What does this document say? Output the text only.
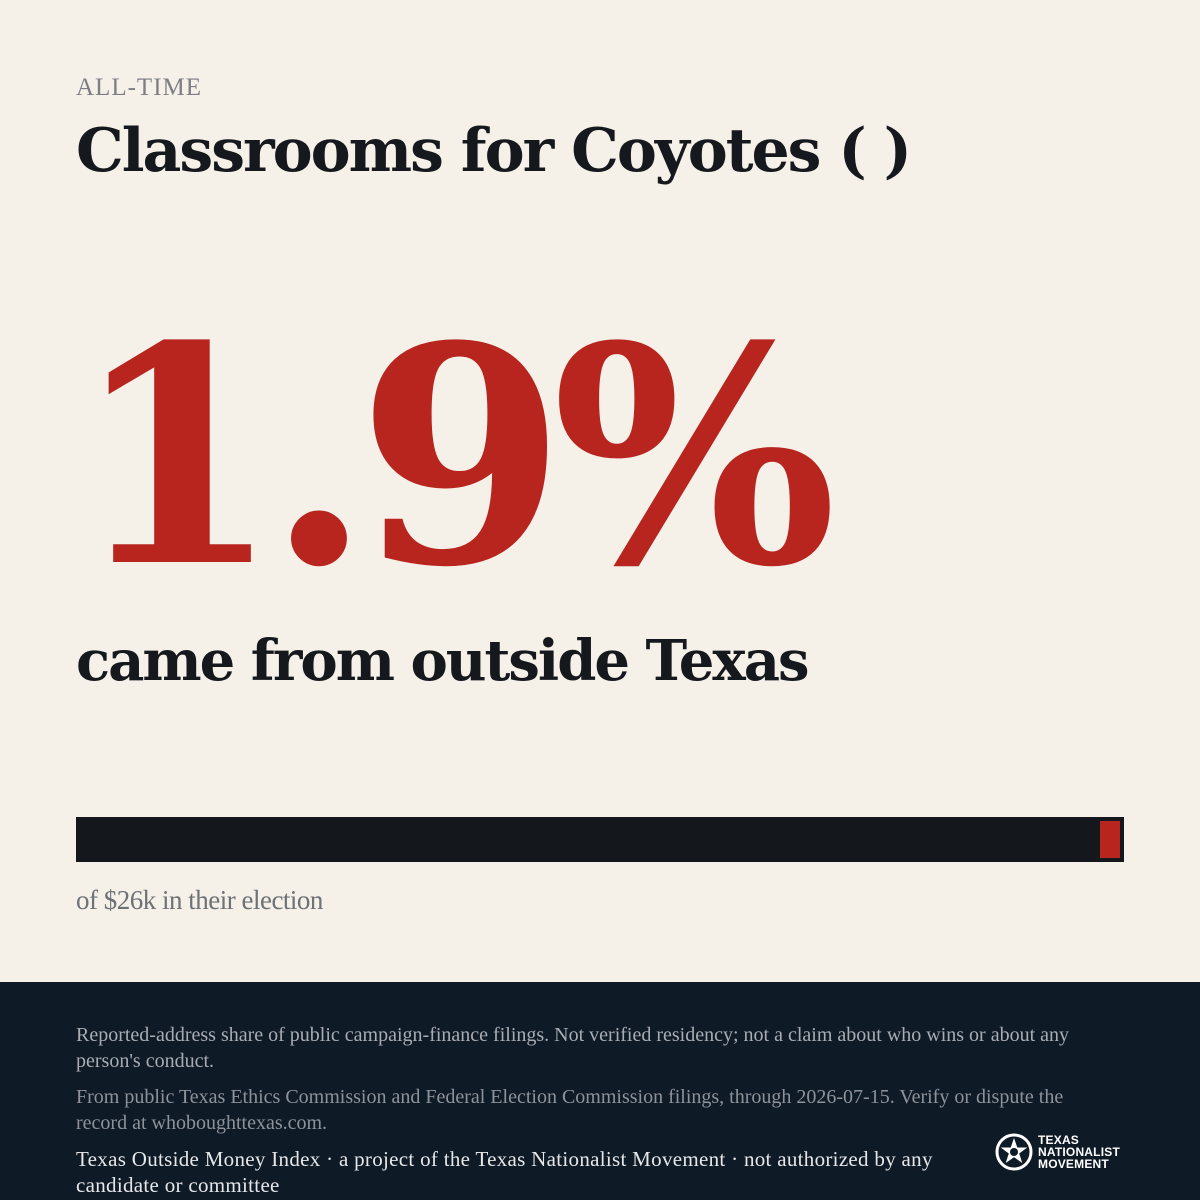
ALL-TIME
Classrooms for Coyotes ( )
1.9%
came from outside Texas
of $26k in their election
Reported-address share of public campaign-finance filings. Not verified residency; not a claim about who wins or about any person's conduct.
From public Texas Ethics Commission and Federal Election Commission filings, through 2026-07-15. Verify or dispute the record at whoboughttexas.com.
Texas Outside Money Index · a project of the Texas Nationalist Movement · not authorized by any candidate or committee
TEXAS
NATIONALIST
MOVEMENT
